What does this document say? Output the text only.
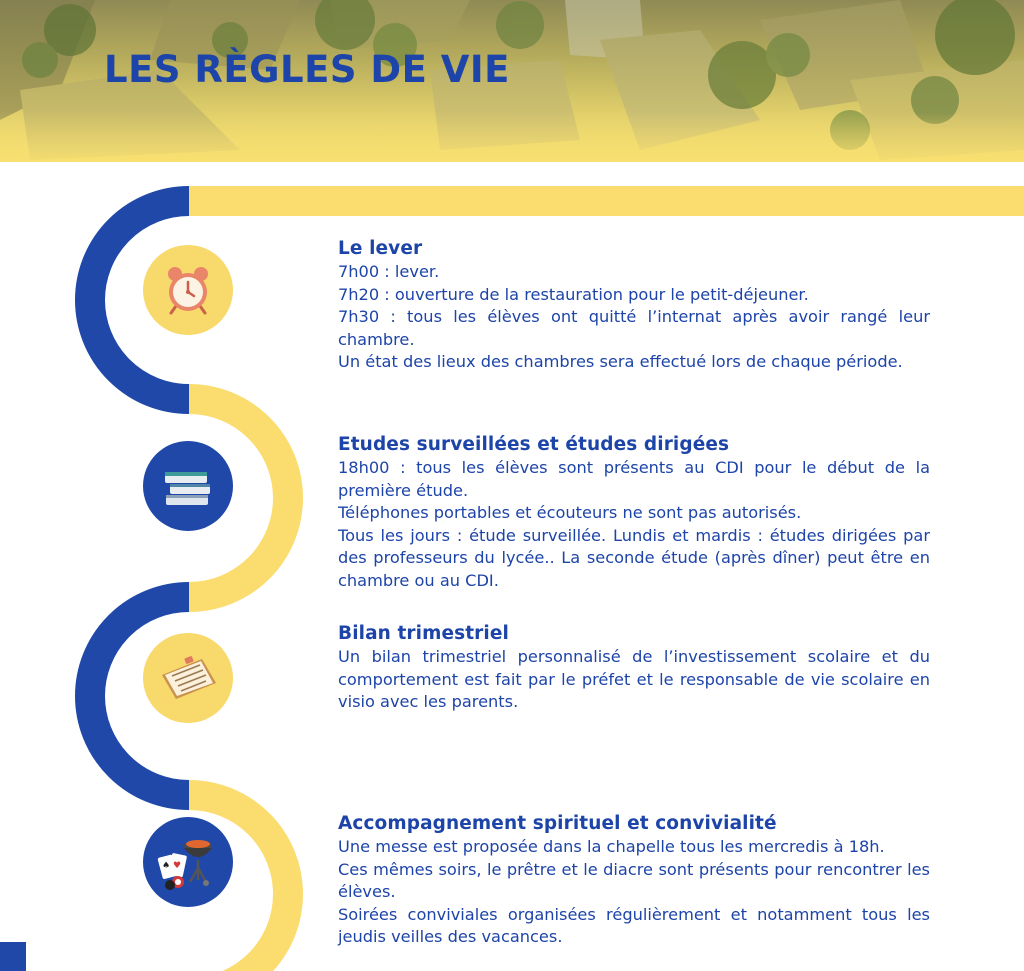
LES RÈGLES DE VIE
♥
♠
Le lever

7h00 : lever.

7h20 : ouverture de la restauration pour le petit-déjeuner.

7h30 : tous les élèves ont quitté l’internat après avoir rangé leur chambre.

Un état des lieux des chambres sera effectué lors de chaque période.

Etudes surveillées et études dirigées

18h00 : tous les élèves sont présents au CDI pour le début de la première étude.

Téléphones portables et écouteurs ne sont pas autorisés.

Tous les jours : étude surveillée. Lundis et mardis : études dirigées par des professeurs du lycée.. La seconde étude (après dîner) peut être en chambre ou au CDI.

Bilan trimestriel

Un bilan trimestriel personnalisé de l’investissement scolaire et du comportement est fait par le préfet et le responsable de vie scolaire en visio avec les parents.

Accompagnement spirituel et convivialité

Une messe est proposée dans la chapelle tous les mercredis à 18h.

Ces mêmes soirs, le prêtre et le diacre sont présents pour rencontrer les élèves.

Soirées conviviales organisées régulièrement et notamment tous les jeudis veilles des vacances.
